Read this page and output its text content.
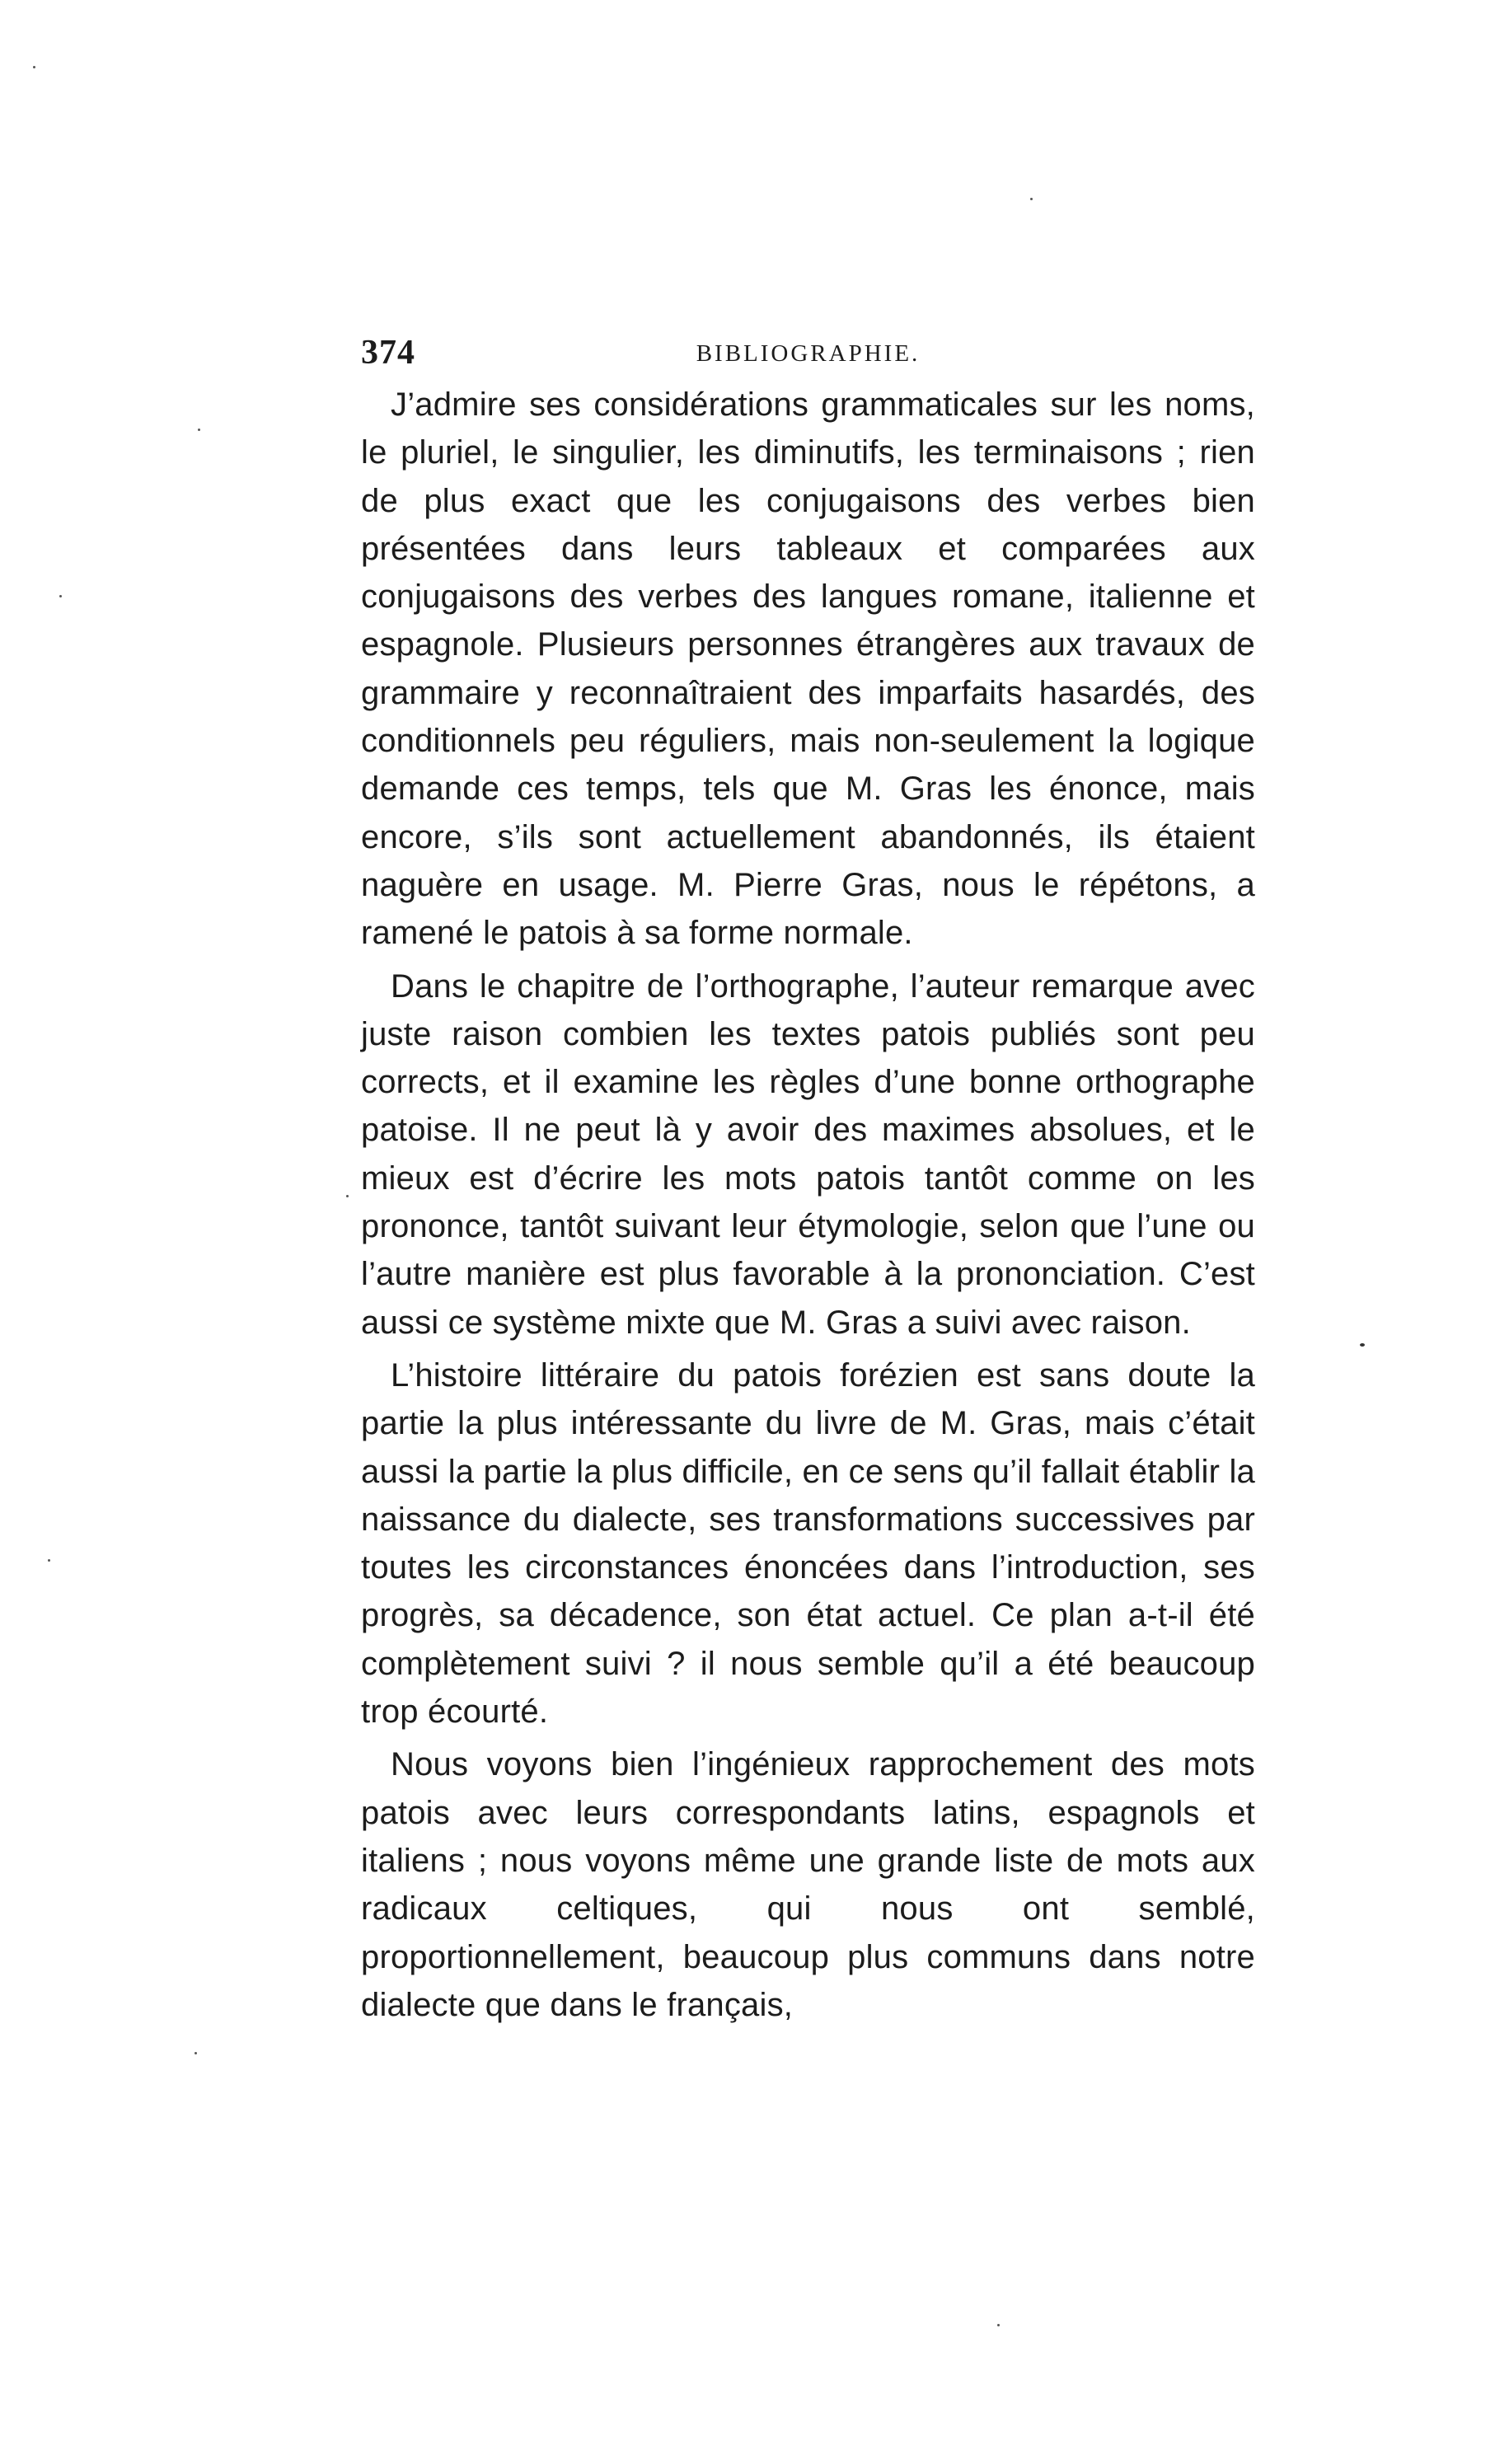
374	BIBLIOGRAPHIE.

J’admire ses considérations grammaticales sur les noms, le pluriel, le singulier, les diminutifs, les terminaisons ; rien de plus exact que les conjugaisons des verbes bien présentées dans leurs tableaux et comparées aux conjugaisons des verbes des langues romane, italienne et espagnole. Plusieurs personnes étrangères aux travaux de grammaire y reconnaîtraient des imparfaits hasardés, des conditionnels peu réguliers, mais non-seulement la logique demande ces temps, tels que M. Gras les énonce, mais encore, s’ils sont actuellement abandonnés, ils étaient naguère en usage. M. Pierre Gras, nous le répétons, a ramené le patois à sa forme normale.

Dans le chapitre de l’orthographe, l’auteur remarque avec juste raison combien les textes patois publiés sont peu corrects, et il examine les règles d’une bonne orthographe patoise. Il ne peut là y avoir des maximes absolues, et le mieux est d’écrire les mots patois tantôt comme on les prononce, tantôt suivant leur étymologie, selon que l’une ou l’autre manière est plus favorable à la prononciation. C’est aussi ce système mixte que M. Gras a suivi avec raison.

L’histoire littéraire du patois forézien est sans doute la partie la plus intéressante du livre de M. Gras, mais c’était aussi la partie la plus difficile, en ce sens qu’il fallait établir la naissance du dialecte, ses transformations successives par toutes les circonstances énoncées dans l’introduction, ses progrès, sa décadence, son état actuel. Ce plan a-t-il été complètement suivi ? il nous semble qu’il a été beaucoup trop écourté.

Nous voyons bien l’ingénieux rapprochement des mots patois avec leurs correspondants latins, espagnols et italiens ; nous voyons même une grande liste de mots aux radicaux celtiques, qui nous ont semblé, proportionnellement, beaucoup plus communs dans notre dialecte que dans le français,
